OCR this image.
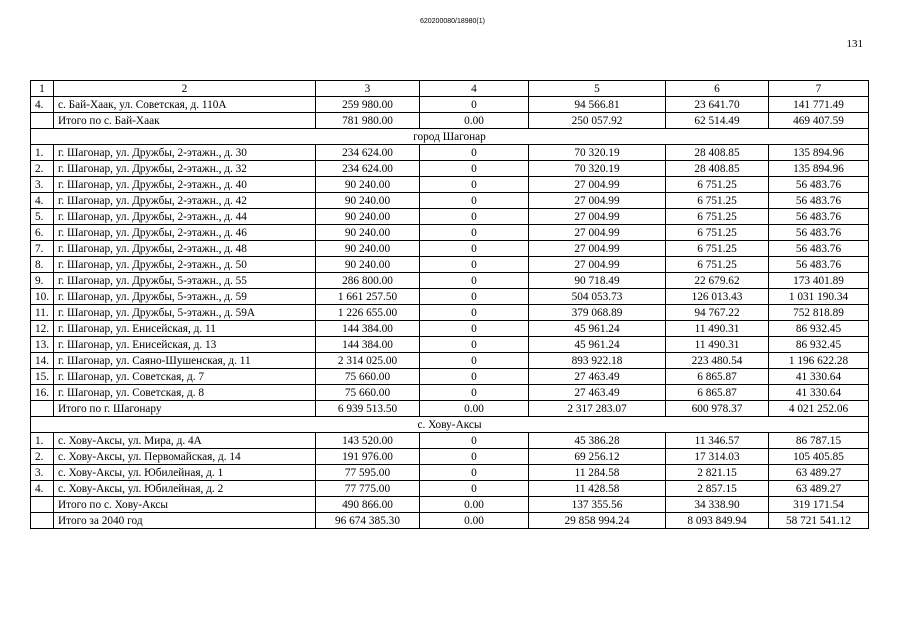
620200080/18980(1)
131
1	2	3	4	5	6	7
4.	с. Бай-Хаак, ул. Советская, д. 110А	259 980.00	0	94 566.81	23 641.70	141 771.49
	Итого по с. Бай-Хаак	781 980.00	0.00	250 057.92	62 514.49	469 407.59
город Шагонар						
1.	г. Шагонар, ул. Дружбы, 2-этажн., д. 30	234 624.00	0	70 320.19	28 408.85	135 894.96
2.	г. Шагонар, ул. Дружбы, 2-этажн., д. 32	234 624.00	0	70 320.19	28 408.85	135 894.96
3.	г. Шагонар, ул. Дружбы, 2-этажн., д. 40	90 240.00	0	27 004.99	6 751.25	56 483.76
4.	г. Шагонар, ул. Дружбы, 2-этажн., д. 42	90 240.00	0	27 004.99	6 751.25	56 483.76
5.	г. Шагонар, ул. Дружбы, 2-этажн., д. 44	90 240.00	0	27 004.99	6 751.25	56 483.76
6.	г. Шагонар, ул. Дружбы, 2-этажн., д. 46	90 240.00	0	27 004.99	6 751.25	56 483.76
7.	г. Шагонар, ул. Дружбы, 2-этажн., д. 48	90 240.00	0	27 004.99	6 751.25	56 483.76
8.	г. Шагонар, ул. Дружбы, 2-этажн., д. 50	90 240.00	0	27 004.99	6 751.25	56 483.76
9.	г. Шагонар, ул. Дружбы, 5-этажн., д. 55	286 800.00	0	90 718.49	22 679.62	173 401.89
10.	г. Шагонар, ул. Дружбы, 5-этажн., д. 59	1 661 257.50	0	504 053.73	126 013.43	1 031 190.34
11.	г. Шагонар, ул. Дружбы, 5-этажн., д. 59А	1 226 655.00	0	379 068.89	94 767.22	752 818.89
12.	г. Шагонар, ул. Енисейская, д. 11	144 384.00	0	45 961.24	11 490.31	86 932.45
13.	г. Шагонар, ул. Енисейская, д. 13	144 384.00	0	45 961.24	11 490.31	86 932.45
14.	г. Шагонар, ул. Саяно-Шушенская, д. 11	2 314 025.00	0	893 922.18	223 480.54	1 196 622.28
15.	г. Шагонар, ул. Советская, д. 7	75 660.00	0	27 463.49	6 865.87	41 330.64
16.	г. Шагонар, ул. Советская, д. 8	75 660.00	0	27 463.49	6 865.87	41 330.64
	Итого по г. Шагонару	6 939 513.50	0.00	2 317 283.07	600 978.37	4 021 252.06
с. Хову-Аксы						
1.	с. Хову-Аксы, ул. Мира, д. 4А	143 520.00	0	45 386.28	11 346.57	86 787.15
2.	с. Хову-Аксы, ул. Первомайская, д. 14	191 976.00	0	69 256.12	17 314.03	105 405.85
3.	с. Хову-Аксы, ул. Юбилейная, д. 1	77 595.00	0	11 284.58	2 821.15	63 489.27
4.	с. Хову-Аксы, ул. Юбилейная, д. 2	77 775.00	0	11 428.58	2 857.15	63 489.27
	Итого по с. Хову-Аксы	490 866.00	0.00	137 355.56	34 338.90	319 171.54
	Итого за 2040 год	96 674 385.30	0.00	29 858 994.24	8 093 849.94	58 721 541.12
